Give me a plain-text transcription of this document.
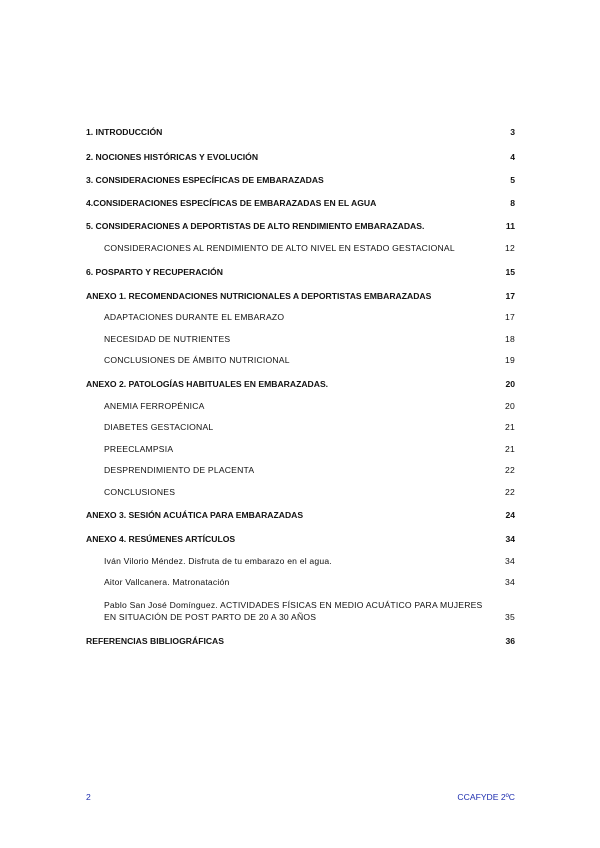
1. INTRODUCCIÓN	3
2. NOCIONES HISTÓRICAS Y EVOLUCIÓN	4
3. CONSIDERACIONES ESPECÍFICAS DE EMBARAZADAS	5
4.CONSIDERACIONES ESPECÍFICAS DE EMBARAZADAS EN EL AGUA	8
5. CONSIDERACIONES A DEPORTISTAS DE ALTO RENDIMIENTO EMBARAZADAS.	11
CONSIDERACIONES AL RENDIMIENTO DE ALTO NIVEL EN ESTADO GESTACIONAL	12
6. POSPARTO Y RECUPERACIÓN	15
ANEXO 1. RECOMENDACIONES NUTRICIONALES A DEPORTISTAS EMBARAZADAS	17
ADAPTACIONES DURANTE EL EMBARAZO	17
NECESIDAD DE NUTRIENTES	18
CONCLUSIONES DE ÁMBITO NUTRICIONAL	19
ANEXO 2. PATOLOGÍAS HABITUALES EN EMBARAZADAS.	20
ANEMIA FERROPÉNICA	20
DIABETES GESTACIONAL	21
PREECLAMPSIA	21
DESPRENDIMIENTO DE PLACENTA	22
CONCLUSIONES	22
ANEXO 3. SESIÓN ACUÁTICA PARA EMBARAZADAS	24
ANEXO 4. RESÚMENES ARTÍCULOS	34
Iván Vilorio Méndez. Disfruta de tu embarazo en el agua.	34
Aitor Vallcanera. Matronatación	34
Pablo San José Domínguez. ACTIVIDADES FÍSICAS EN MEDIO ACUÁTICO PARA MUJERES EN SITUACIÓN DE POST PARTO DE 20 A 30 AÑOS	35
REFERENCIAS BIBLIOGRÁFICAS	36
2	CCAFYDE 2ºC
